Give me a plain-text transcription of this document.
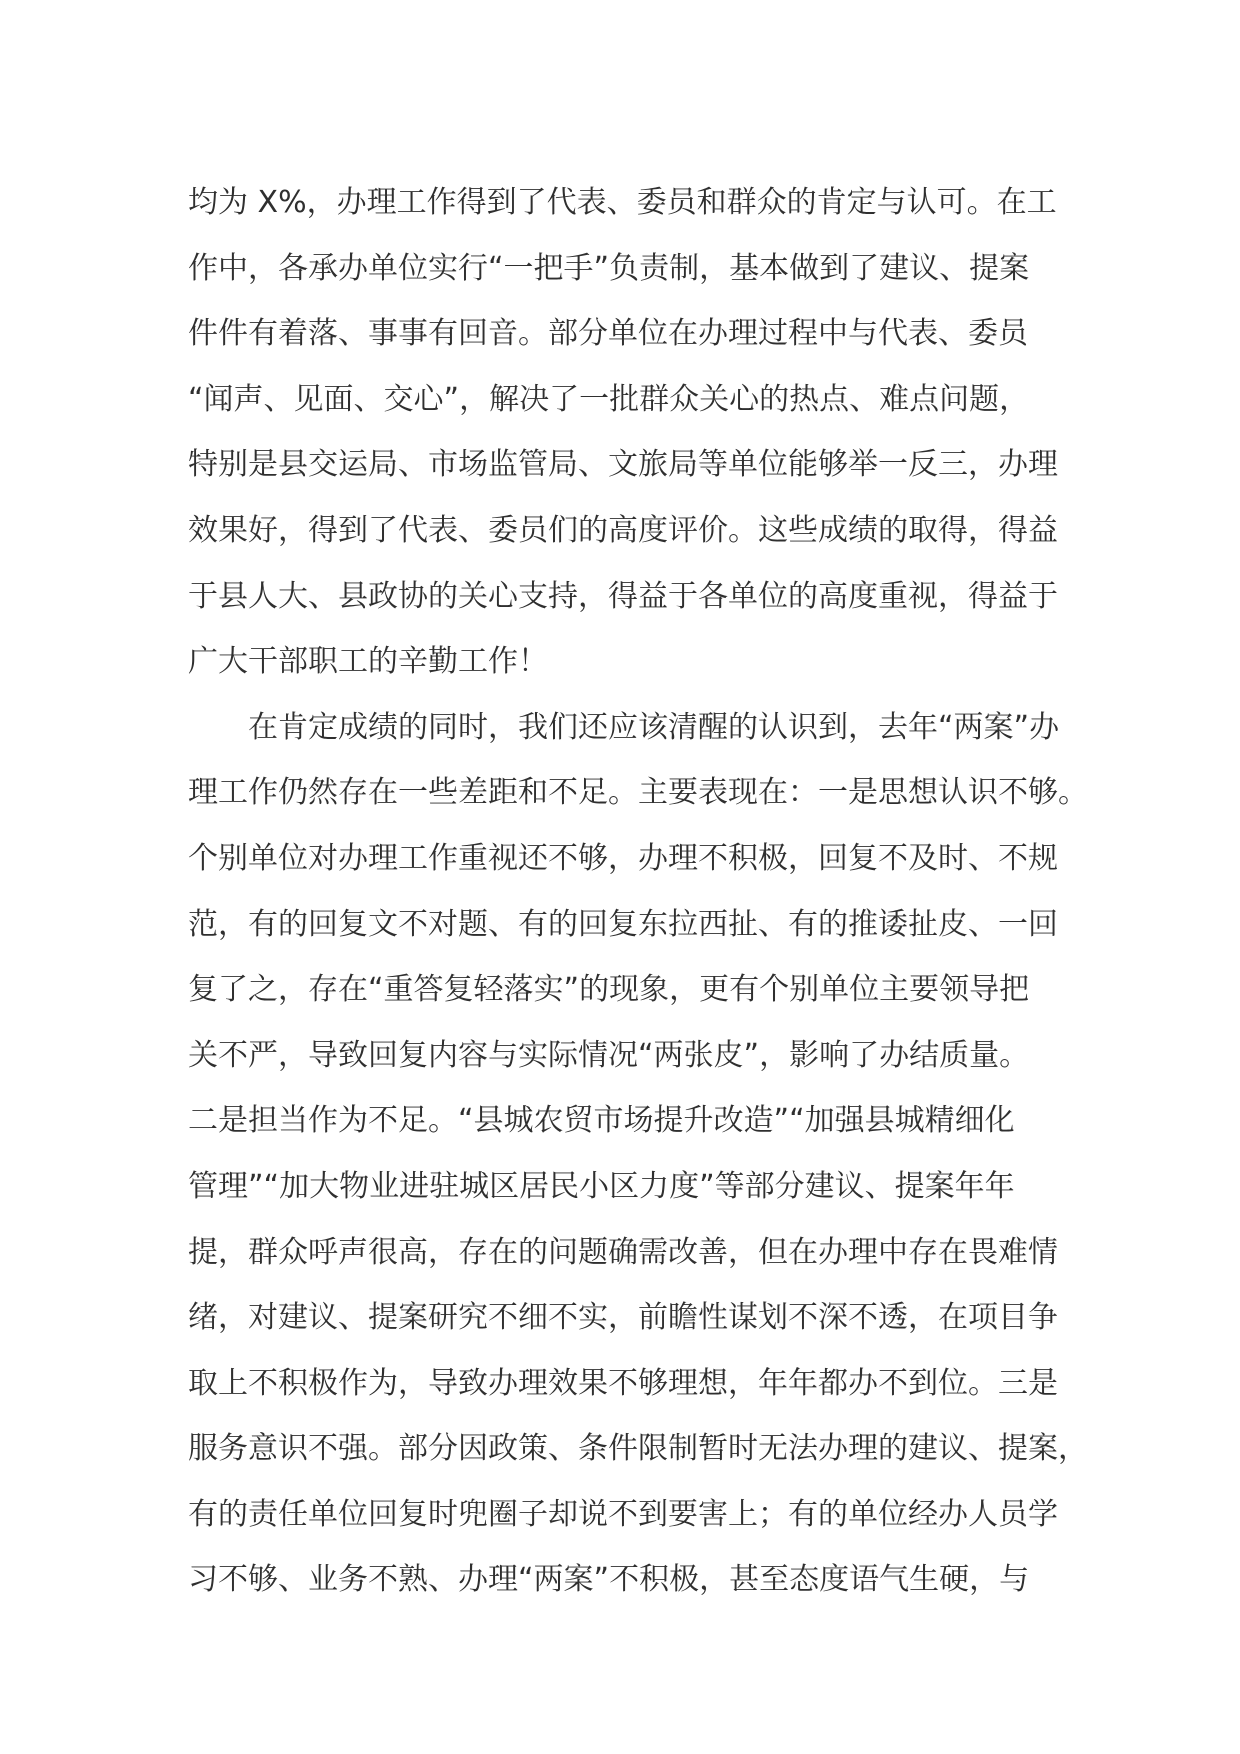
均为 X%，办理工作得到了代表、委员和群众的肯定与认可。在工

作中，各承办单位实行“一把手”负责制，基本做到了建议、提案

件件有着落、事事有回音。部分单位在办理过程中与代表、委员

“闻声、见面、交心”，解决了一批群众关心的热点、难点问题，

特别是县交运局、市场监管局、文旅局等单位能够举一反三，办理

效果好，得到了代表、委员们的高度评价。这些成绩的取得，得益

于县人大、县政协的关心支持，得益于各单位的高度重视，得益于

广大干部职工的辛勤工作！

　　在肯定成绩的同时，我们还应该清醒的认识到，去年“两案”办

理工作仍然存在一些差距和不足。主要表现在：一是思想认识不够。

个别单位对办理工作重视还不够，办理不积极，回复不及时、不规

范，有的回复文不对题、有的回复东拉西扯、有的推诿扯皮、一回

复了之，存在“重答复轻落实”的现象，更有个别单位主要领导把

关不严，导致回复内容与实际情况“两张皮”，影响了办结质量。

二是担当作为不足。“县城农贸市场提升改造”“加强县城精细化

管理”“加大物业进驻城区居民小区力度”等部分建议、提案年年

提，群众呼声很高，存在的问题确需改善，但在办理中存在畏难情

绪，对建议、提案研究不细不实，前瞻性谋划不深不透，在项目争

取上不积极作为，导致办理效果不够理想，年年都办不到位。三是

服务意识不强。部分因政策、条件限制暂时无法办理的建议、提案，

有的责任单位回复时兜圈子却说不到要害上；有的单位经办人员学

习不够、业务不熟、办理“两案”不积极，甚至态度语气生硬，与
